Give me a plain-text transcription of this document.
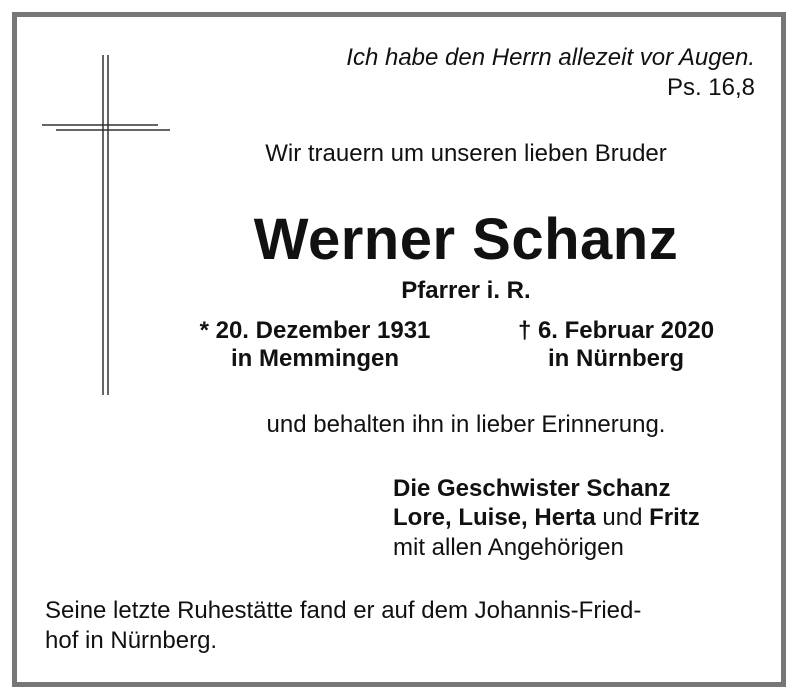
Ich habe den Herrn allezeit vor Augen.
Ps. 16,8
Wir trauern um unseren lieben Bruder
Werner Schanz
Pfarrer i. R.
* 20. Dezember 1931
in Memmingen
† 6. Februar 2020
in Nürnberg
und behalten ihn in lieber Erinnerung.
Die Geschwister Schanz
Lore, Luise, Herta und Fritz
mit allen Angehörigen
Seine letzte Ruhestätte fand er auf dem Johannis-Fried-
hof in Nürnberg.
